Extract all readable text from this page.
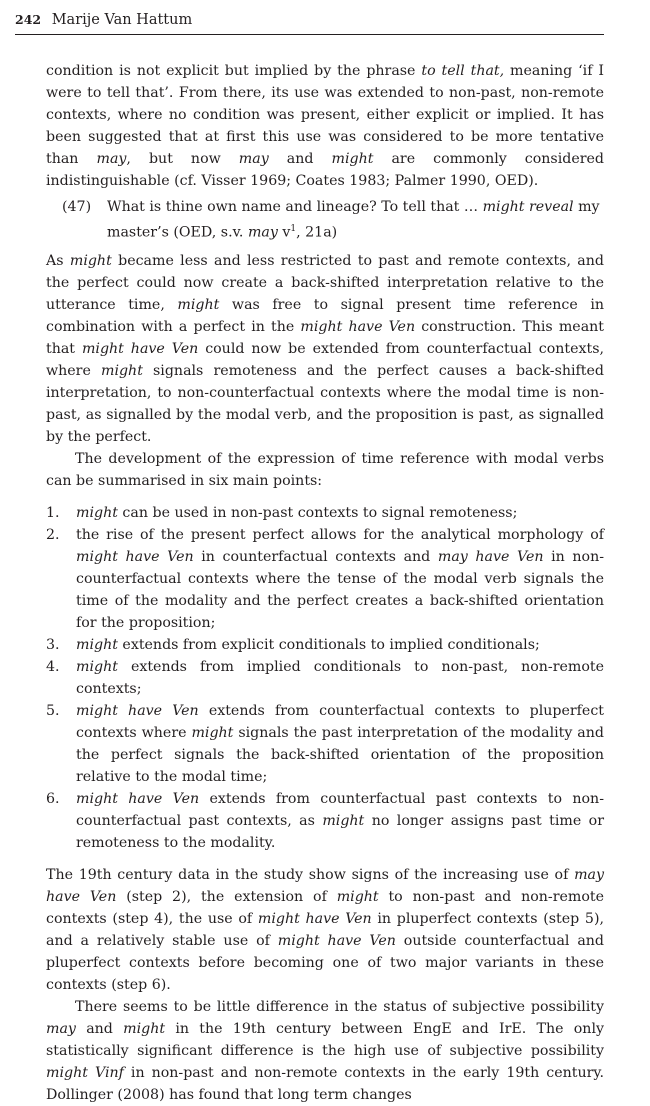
242 Marije Van Hattum

condition is not explicit but implied by the phrase to tell that, meaning ‘if I were to tell that’. From there, its use was extended to non-past, non-remote contexts, where no condition was present, either explicit or implied. It has been suggested that at first this use was considered to be more tentative than may, but now may and might are commonly considered indistinguishable (cf. Visser 1969; Coates 1983; Palmer 1990, OED).

(47)	What is thine own name and lineage? To tell that … might reveal my master’s (OED, s.v. may $v^1$, 21a)

As might became less and less restricted to past and remote contexts, and the perfect could now create a back-shifted interpretation relative to the utterance time, might was free to signal present time reference in combination with a perfect in the might have Ven construction. This meant that might have Ven could now be extended from counterfactual contexts, where might signals remoteness and the perfect causes a back-shifted interpretation, to non-counterfactual contexts where the modal time is non-past, as signalled by the modal verb, and the proposition is past, as signalled by the perfect.

The development of the expression of time reference with modal verbs can be summarised in six main points:

1.	might can be used in non-past contexts to signal remoteness;
2.	the rise of the present perfect allows for the analytical morphology of might have Ven in counterfactual contexts and may have Ven in non-counterfactual contexts where the tense of the modal verb signals the time of the modality and the perfect creates a back-shifted orientation for the proposition;
3.	might extends from explicit conditionals to implied conditionals;
4.	might extends from implied conditionals to non-past, non-remote contexts;
5.	might have Ven extends from counterfactual contexts to pluperfect contexts where might signals the past interpretation of the modality and the perfect signals the back-shifted orientation of the proposition relative to the modal time;
6.	might have Ven extends from counterfactual past contexts to non-counterfactual past contexts, as might no longer assigns past time or remoteness to the modality.

The 19th century data in the study show signs of the increasing use of may have Ven (step 2), the extension of might to non-past and non-remote contexts (step 4), the use of might have Ven in pluperfect contexts (step 5), and a relatively stable use of might have Ven outside counterfactual and pluperfect contexts before becoming one of two major variants in these contexts (step 6).

There seems to be little difference in the status of subjective possibility may and might in the 19th century between EngE and IrE. The only statistically significant difference is the high use of subjective possibility might Vinf in non-past and non-remote contexts in the early 19th century. Dollinger (2008) has found that long term changes
